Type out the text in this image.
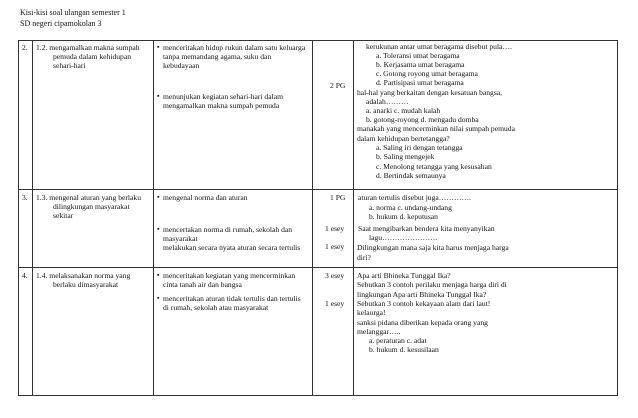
Kisi-kisi soal ulangan semester 1
SD negeri cipamokolan 3
2. 1.2. mengamalkan makna sumpah
pemuda dalam kehidupan
sehari-hari
▪ menceritakan hidup rukun dalam satu keluarga
tanpa memandang agama, suku dan
kebudayaan
▪ menunjukan kegiatan sehari-hari dalam
mengamalkan makna sumpah pemuda
2 PG
kerukunan antar umat beragama disebut pula….
a. Toleransi umat beragama
b. Kerjasama umat beragama
c. Gotong royong umat beragama
d. Partisipasi umat beragama
hal-hal yang berkaitan dengan kesatuan bangsa,
adalah………
a. anarki c. mudah kalah
b. gotong-royong d. mengadu domba
manakah yang mencerminkan nilai sumpah pemuda
dalam kehidupan bertetangga?
a. Saling iri dengan tetangga
b. Saling mengejek
c. Menolong tetangga yang kesusahan
d. Bertindak semaunya
3. 1.3. mengenal aturan yang berlaku
dilingkungan masyarakat
sekitar
▪ mengenal norma dan aturan
▪ mencertakan norma di rumah, sekolah dan
masyarakat
melakukan secara nyata aturan secara tertulis
1 PG
1 esey
1 esey
aturan tertulis disebut juga………….
a. norma c. undang-undang
b. hukum d. keputusan
Saat mengibarkan bendera kita menyanyikan
lagu………………….
Dilingkungan mana saja kita harus menjaga harga
diri?
4. 1.4. melaksanakan norma yang
berlaku dimasyarakat
▪ menceritakan kegiatan yang mencerminkan
cinta tanah air dan bangsa
▪ menceritakan aturan tidak tertulis dan tertulis
di rumah, sekolah atau masyarakat
3 esey
1 esey
Apa arti Bhineka Tunggal Ika?
Sebutkan 3 contoh perilaku menjaga harga diri di
lingkungan Apa arti Bhineka Tunggal Ika?
Sebutkan 3 contoh kekayaan alam dari laut!
kelaurga!
sanksi pidana diberikan kepada orang yang
melanggar…..
a. peraturan c. adat
b. hukum d. kesusilaan
